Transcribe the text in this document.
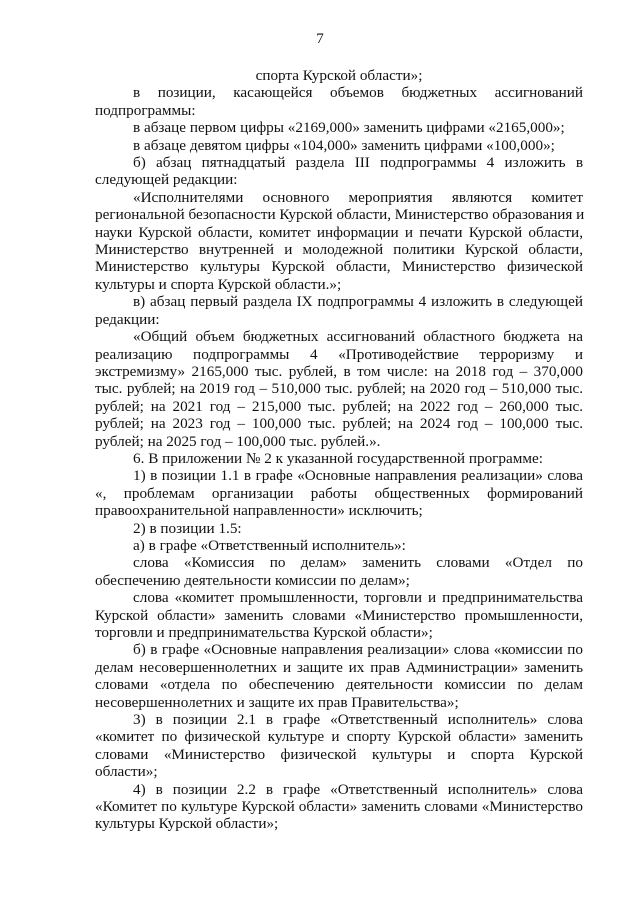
7
спорта Курской области»;
в позиции, касающейся объемов бюджетных ассигнований
подпрограммы:
в абзаце первом цифры «2169,000» заменить цифрами «2165,000»;
в абзаце девятом цифры «104,000» заменить цифрами «100,000»;
б) абзац пятнадцатый раздела III подпрограммы 4 изложить в
следующей редакции:
«Исполнителями основного мероприятия являются комитет
региональной безопасности Курской области, Министерство образования и
науки Курской области, комитет информации и печати Курской области,
Министерство внутренней и молодежной политики Курской области,
Министерство культуры Курской области, Министерство физической
культуры и спорта Курской области.»;
в) абзац первый раздела IX подпрограммы 4 изложить в следующей
редакции:
«Общий объем бюджетных ассигнований областного бюджета на
реализацию подпрограммы 4 «Противодействие терроризму и
экстремизму» 2165,000 тыс. рублей, в том числе: на 2018 год – 370,000
тыс. рублей; на 2019 год – 510,000 тыс. рублей; на 2020 год – 510,000 тыс.
рублей; на 2021 год – 215,000 тыс. рублей; на 2022 год – 260,000 тыс.
рублей; на 2023 год – 100,000 тыс. рублей; на 2024 год – 100,000 тыс.
рублей; на 2025 год – 100,000 тыс. рублей.».
6. В приложении № 2 к указанной государственной программе:
1) в позиции 1.1 в графе «Основные направления реализации» слова
«, проблемам организации работы общественных формирований
правоохранительной направленности» исключить;
2) в позиции 1.5:
а) в графе «Ответственный исполнитель»:
слова «Комиссия по делам» заменить словами «Отдел по
обеспечению деятельности комиссии по делам»;
слова «комитет промышленности, торговли и предпринимательства
Курской области» заменить словами «Министерство промышленности,
торговли и предпринимательства Курской области»;
б) в графе «Основные направления реализации» слова «комиссии по
делам несовершеннолетних и защите их прав Администрации» заменить
словами «отдела по обеспечению деятельности комиссии по делам
несовершеннолетних и защите их прав Правительства»;
3) в позиции 2.1 в графе «Ответственный исполнитель» слова
«комитет по физической культуре и спорту Курской области» заменить
словами «Министерство физической культуры и спорта Курской
области»;
4) в позиции 2.2 в графе «Ответственный исполнитель» слова
«Комитет по культуре Курской области» заменить словами «Министерство
культуры Курской области»;
